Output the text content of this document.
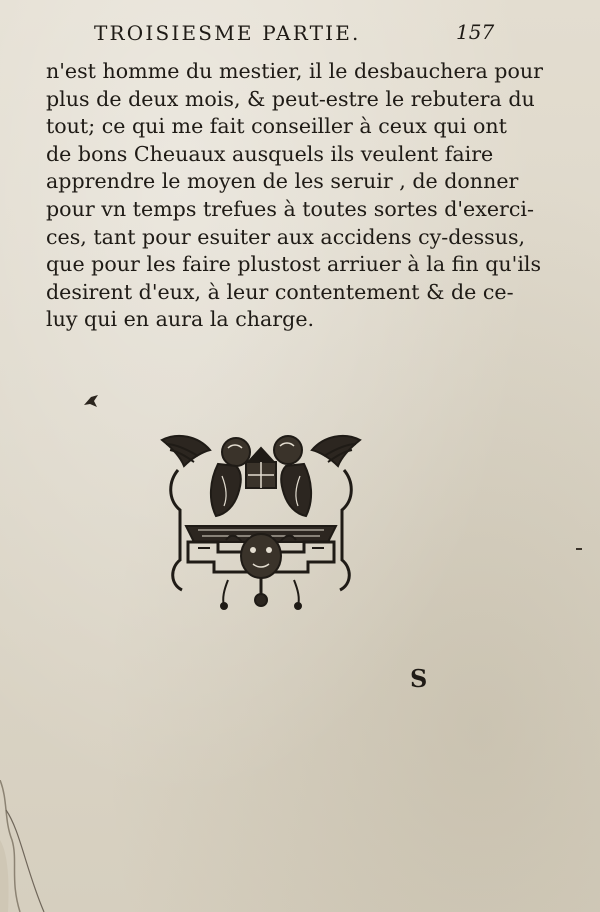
TROISIESME PARTIE.	157
n'est homme du mestier, il le desbauchera pour
plus de deux mois, & peut-estre le rebutera du
tout; ce qui me fait conseiller à ceux qui ont
de bons Cheuaux ausquels ils veulent faire
apprendre le moyen de les seruir , de donner
pour vn temps trefues à toutes sortes d'exerci-
ces, tant pour esuiter aux accidens cy-dessus,
que pour les faire plustost arriuer à la fin qu'ils
desirent d'eux, à leur contentement & de ce-
luy qui en aura la charge.
S
